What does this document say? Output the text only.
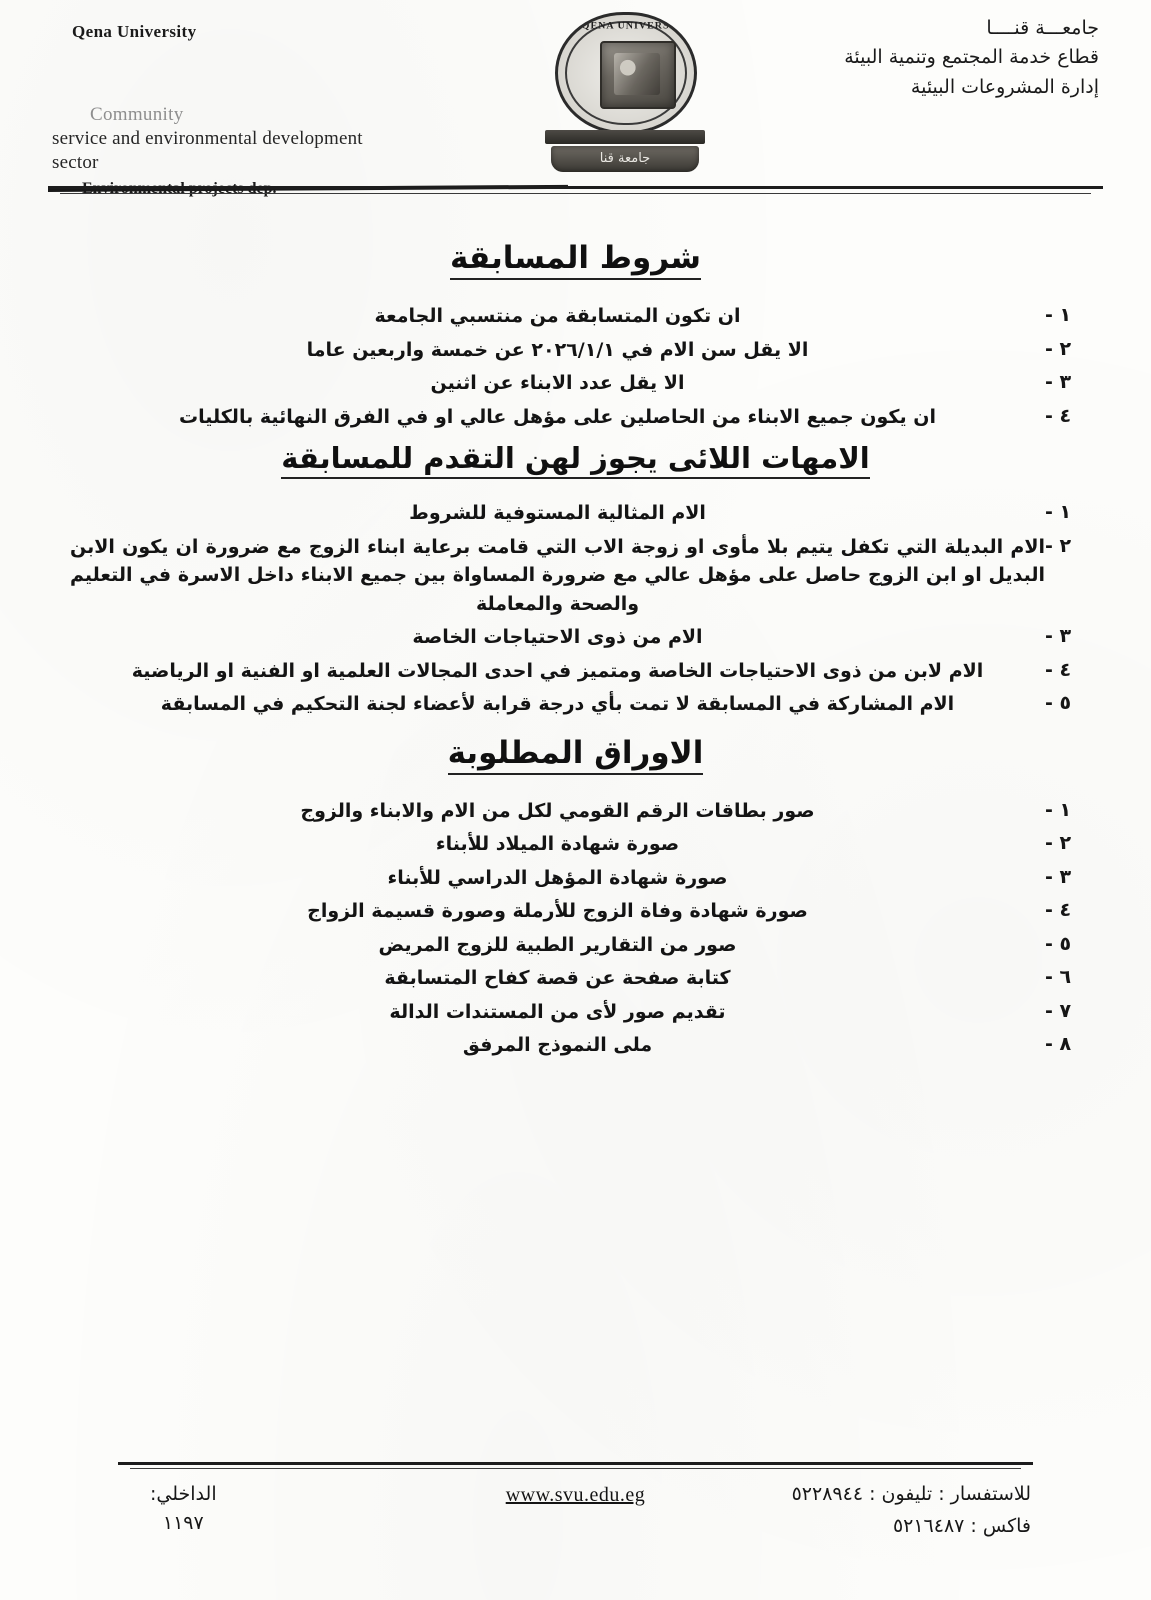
Qena University
Community
service and environmental development
sector
QENA UNIVERSITY
جامعة قنا
جامعـــة قنــــا
قطاع خدمة المجتمع وتنمية البيئة
إدارة المشروعات البيئية
شروط المسابقة
١ -
ان تكون المتسابقة من منتسبي الجامعة
٢ -
الا يقل سن الام في ٢٠٢٦/١/١ عن خمسة واربعين عاما
٣ -
الا يقل عدد الابناء عن اثنين
٤ -
ان يكون جميع الابناء من الحاصلين على مؤهل عالي او في الفرق النهائية بالكليات
الامهات اللائى يجوز لهن التقدم للمسابقة
١ -
الام المثالية المستوفية للشروط
٢ -
الام البديلة التي تكفل يتيم بلا مأوى او زوجة الاب التي قامت برعاية ابناء الزوج مع ضرورة ان يكون الابن البديل او ابن الزوج حاصل على مؤهل عالي مع ضرورة المساواة بين جميع الابناء داخل الاسرة في التعليم والصحة والمعاملة
٣ -
الام من ذوى الاحتياجات الخاصة
٤ -
الام لابن من ذوى الاحتياجات الخاصة ومتميز في احدى المجالات العلمية او الفنية او الرياضية
٥ -
الام المشاركة في المسابقة لا تمت بأي درجة قرابة لأعضاء لجنة التحكيم في المسابقة
الاوراق المطلوبة
١ -
صور بطاقات الرقم القومي لكل من الام والابناء والزوج
٢ -
صورة شهادة الميلاد للأبناء
٣ -
صورة شهادة المؤهل الدراسي للأبناء
٤ -
صورة شهادة وفاة الزوج للأرملة وصورة قسيمة الزواج
٥ -
صور من التقارير الطبية للزوج المريض
٦ -
كتابة صفحة عن قصة كفاح المتسابقة
٧ -
تقديم صور لأى من المستندات الدالة
٨ -
ملى النموذج المرفق
للاستفسار : تليفون : ٥٢٢٨٩٤٤
فاكس : ٥٢١٦٤٨٧
www.svu.edu.eg
الداخلي:
١١٩٧
